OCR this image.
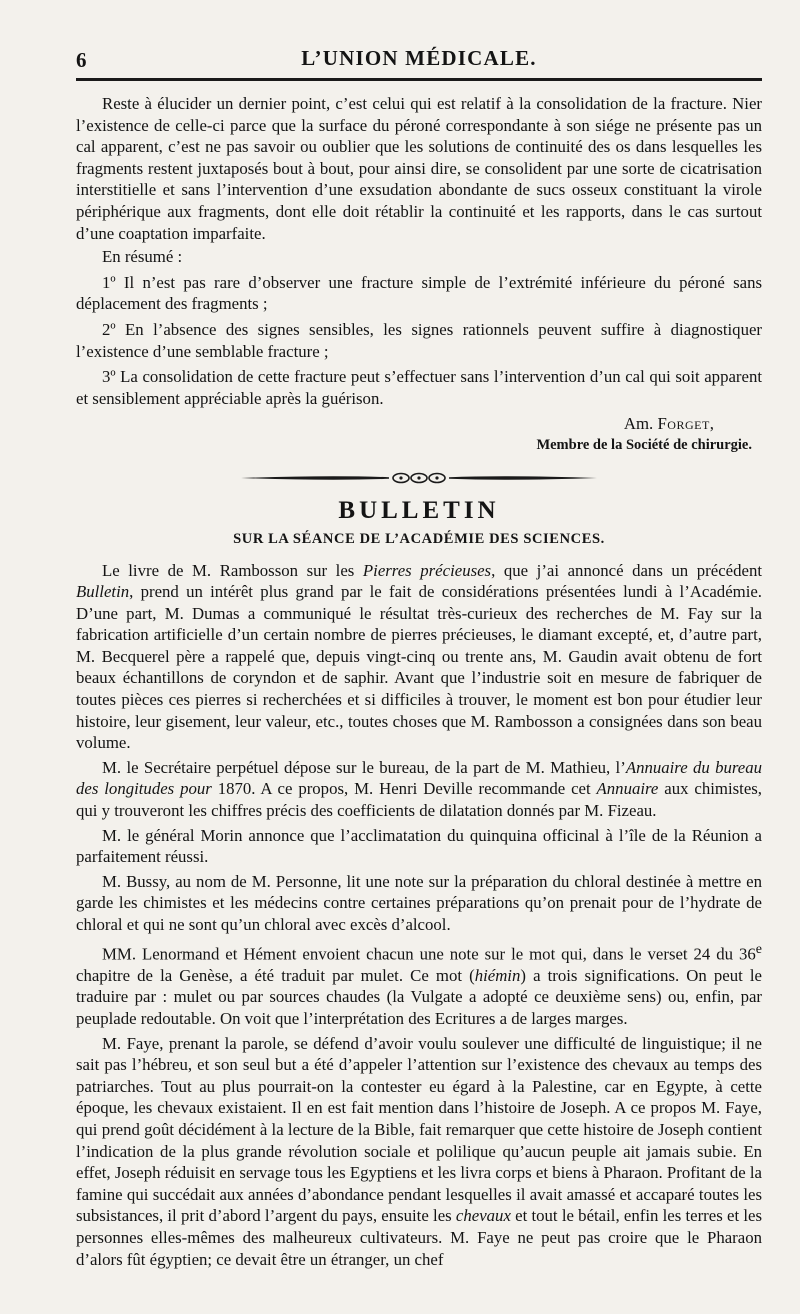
6	L’UNION MÉDICALE.

Reste à élucider un dernier point, c’est celui qui est relatif à la consolidation de la fracture. Nier l’existence de celle-ci parce que la surface du péroné correspondante à son siége ne présente pas un cal apparent, c’est ne pas savoir ou oublier que les solutions de continuité des os dans lesquelles les fragments restent juxtaposés bout à bout, pour ainsi dire, se consolident par une sorte de cicatrisation interstitielle et sans l’intervention d’une exsudation abondante de sucs osseux constituant la virole périphérique aux fragments, dont elle doit rétablir la continuité et les rapports, dans le cas surtout d’une coaptation imparfaite.

En résumé :

1º Il n’est pas rare d’observer une fracture simple de l’extrémité inférieure du péroné sans déplacement des fragments ;

2º En l’absence des signes sensibles, les signes rationnels peuvent suffire à diagnostiquer l’existence d’une semblable fracture ;

3º La consolidation de cette fracture peut s’effectuer sans l’intervention d’un cal qui soit apparent et sensiblement appréciable après la guérison.

Am. Forget,
Membre de la Société de chirurgie.
BULLETIN
SUR LA SÉANCE DE L’ACADÉMIE DES SCIENCES.

Le livre de M. Rambosson sur les Pierres précieuses, que j’ai annoncé dans un précédent Bulletin, prend un intérêt plus grand par le fait de considérations présentées lundi à l’Académie. D’une part, M. Dumas a communiqué le résultat très-curieux des recherches de M. Fay sur la fabrication artificielle d’un certain nombre de pierres précieuses, le diamant excepté, et, d’autre part, M. Becquerel père a rappelé que, depuis vingt-cinq ou trente ans, M. Gaudin avait obtenu de fort beaux échantillons de coryndon et de saphir. Avant que l’industrie soit en mesure de fabriquer de toutes pièces ces pierres si recherchées et si difficiles à trouver, le moment est bon pour étudier leur histoire, leur gisement, leur valeur, etc., toutes choses que M. Rambosson a consignées dans son beau volume.

M. le Secrétaire perpétuel dépose sur le bureau, de la part de M. Mathieu, l’Annuaire du bureau des longitudes pour 1870. A ce propos, M. Henri Deville recommande cet Annuaire aux chimistes, qui y trouveront les chiffres précis des coefficients de dilatation donnés par M. Fizeau.

M. le général Morin annonce que l’acclimatation du quinquina officinal à l’île de la Réunion a parfaitement réussi.

M. Bussy, au nom de M. Personne, lit une note sur la préparation du chloral destinée à mettre en garde les chimistes et les médecins contre certaines préparations qu’on prenait pour de l’hydrate de chloral et qui ne sont qu’un chloral avec excès d’alcool.

MM. Lenormand et Hément envoient chacun une note sur le mot qui, dans le verset 24 du 36e chapitre de la Genèse, a été traduit par mulet. Ce mot (hiémin) a trois significations. On peut le traduire par : mulet ou par sources chaudes (la Vulgate a adopté ce deuxième sens) ou, enfin, par peuplade redoutable. On voit que l’interprétation des Ecritures a de larges marges.

M. Faye, prenant la parole, se défend d’avoir voulu soulever une difficulté de linguistique; il ne sait pas l’hébreu, et son seul but a été d’appeler l’attention sur l’existence des chevaux au temps des patriarches. Tout au plus pourrait-on la contester eu égard à la Palestine, car en Egypte, à cette époque, les chevaux existaient. Il en est fait mention dans l’histoire de Joseph. A ce propos M. Faye, qui prend goût décidément à la lecture de la Bible, fait remarquer que cette histoire de Joseph contient l’indication de la plus grande révolution sociale et polilique qu’aucun peuple ait jamais subie. En effet, Joseph réduisit en servage tous les Egyptiens et les livra corps et biens à Pharaon. Profitant de la famine qui succédait aux années d’abondance pendant lesquelles il avait amassé et accaparé toutes les subsistances, il prit d’abord l’argent du pays, ensuite les chevaux et tout le bétail, enfin les terres et les personnes elles-mêmes des malheureux cultivateurs. M. Faye ne peut pas croire que le Pharaon d’alors fût égyptien; ce devait être un étranger, un chef
